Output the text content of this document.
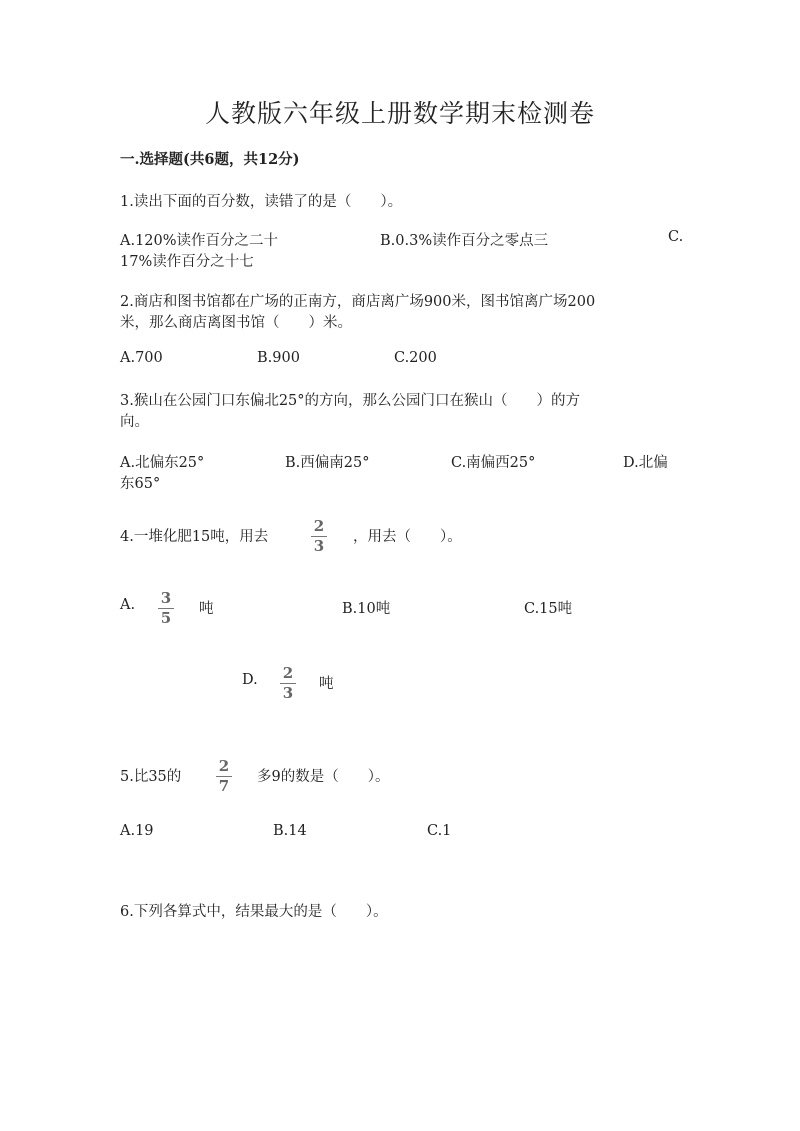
人教版六年级上册数学期末检测卷
一.选择题(共6题，共12分)
1.读出下面的百分数，读错了的是（　　）。
A.120%读作百分之二十	B.0.3%读作百分之零点三	C.
17%读作百分之十七
2.商店和图书馆都在广场的正南方，商店离广场900米，图书馆离广场200
米，那么商店离图书馆（　　）米。
A.700	B.900	C.200
3.猴山在公园门口东偏北25°的方向，那么公园门口在猴山（　　）的方
向。
A.北偏东25°	B.西偏南25°	C.南偏西25°	D.北偏
东65°
4.一堆化肥15吨，用去
2
3 ，用去（　　）。
A. 3
5 吨	B.10吨	C.15吨
D. 2
3 吨
5.比35的
2
7 多9的数是（　　）。
A.19	B.14	C.1
6.下列各算式中，结果最大的是（　　）。
